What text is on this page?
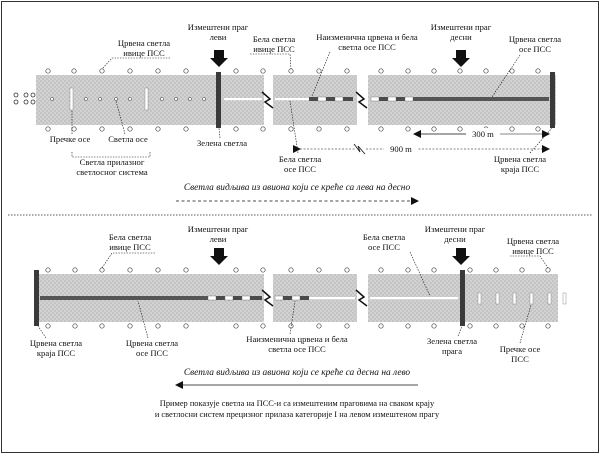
Црвена светла ивице ПСС
Измештени праг леви	Бела светла ивице ПСС
Наизменична црвена и бела светла осе ПСС
Измештени праг десни	Црвена светла осе ПСС
Пречке осе Светла осе
Светла прилазног светлосног система
Зелена светла
Бела светла осе ПСС
Црвена светла краја ПСС
300 m
900 m
Светла видљива из авиона који се креће са лева на десно
Бела светла ивице ПСС
Измештени праг леви	Бела светла осе ПСС
Измештени праг десни	Црвена светла ивице ПСС
Црвена светла краја ПСС
Црвена светла осе ПСС
Наизменична црвена и бела светла осе ПСС
Зелена светла прага	Пречке осе ПСС
Светла видљива из авиона који се креће са десна на лево
Пример показује светла на ПСС-и са измештеним праговима на сваком крају и светлосни систем прецизног прилаза категорије I на левом измештеном прагу
